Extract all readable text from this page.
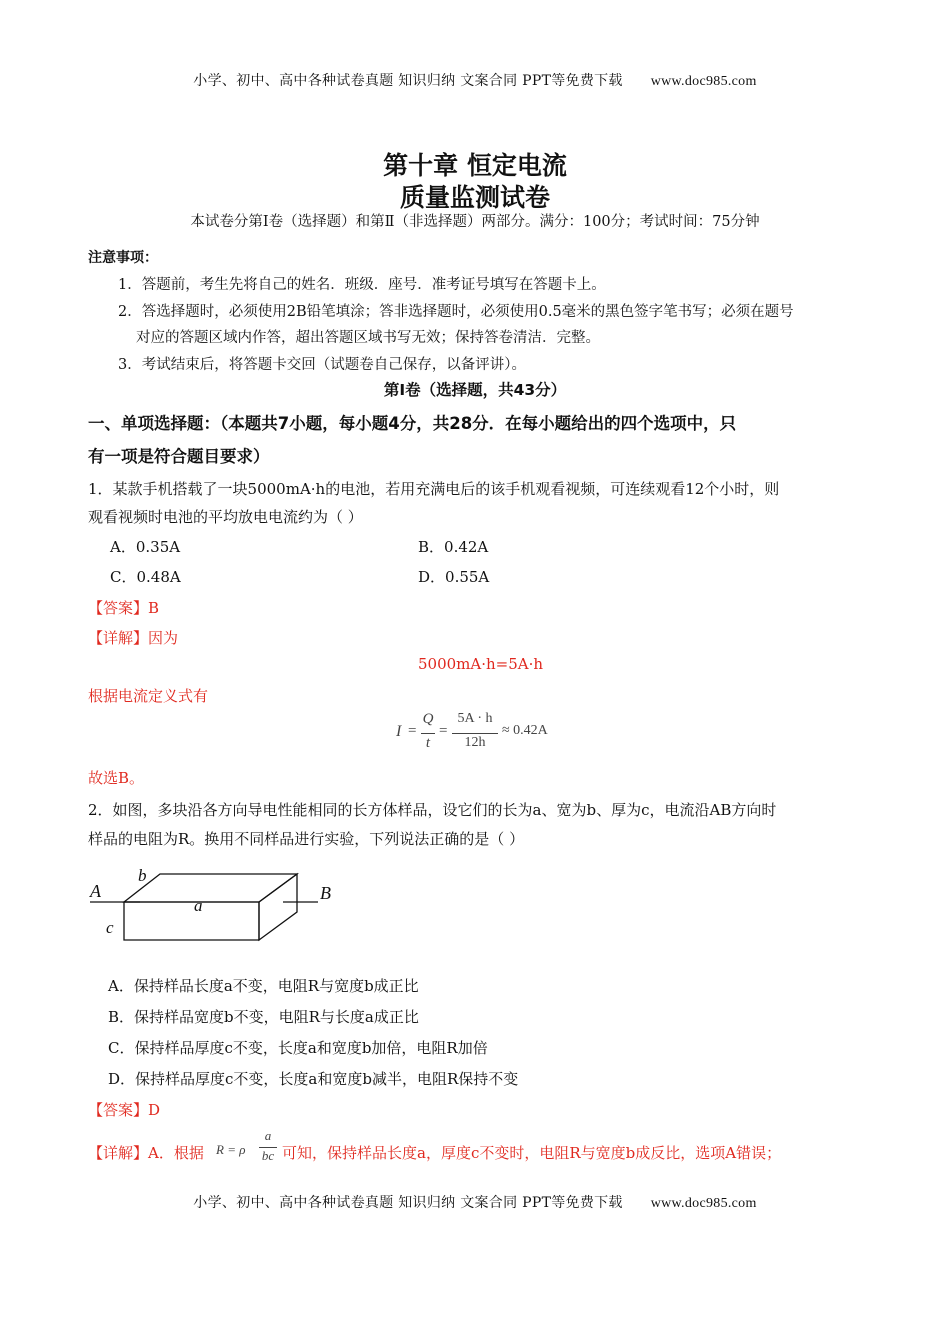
小学、初中、高中各种试卷真题 知识归纳 文案合同 PPT等免费下载 www.doc985.com
第十章 恒定电流
质量监测试卷
本试卷分第Ⅰ卷（选择题）和第Ⅱ（非选择题）两部分。满分：100分；考试时间：75分钟
注意事项：
1．答题前，考生先将自己的姓名．班级．座号．准考证号填写在答题卡上。
2．答选择题时，必须使用2B铅笔填涂；答非选择题时，必须使用0.5毫米的黑色签字笔书写；必须在题号
对应的答题区域内作答，超出答题区域书写无效；保持答卷清洁．完整。
3．考试结束后，将答题卡交回（试题卷自己保存，以备评讲）。
第Ⅰ卷（选择题，共43分）
一、单项选择题：（本题共7小题，每小题4分，共28分．在每小题给出的四个选项中，只
有一项是符合题目要求）
1．某款手机搭载了一块5000mA·h的电池，若用充满电后的该手机观看视频，可连续观看12个小时，则
观看视频时电池的平均放电电流约为（ ）
A．0.35A	B．0.42A
C．0.48A	D．0.55A
【答案】B
【详解】因为
5000mA·h=5A·h
根据电流定义式有
I =
Q
t
=
5A · h
12h
≈ 0.42A
故选B。
2．如图，多块沿各方向导电性能相同的长方体样品，设它们的长为a、宽为b、厚为c，电流沿AB方向时
样品的电阻为R。换用不同样品进行实验，下列说法正确的是（ ）
A	B
a
b
c
A．保持样品长度a不变，电阻R与宽度b成正比
B．保持样品宽度b不变，电阻R与长度a成正比
C．保持样品厚度c不变，长度a和宽度b加倍，电阻R加倍
D．保持样品厚度c不变，长度a和宽度b减半，电阻R保持不变
【答案】D
【详解】A．根据 R = ρ
a
bc 可知，保持样品长度a，厚度c不变时，电阻R与宽度b成反比，选项A错误；
小学、初中、高中各种试卷真题 知识归纳 文案合同 PPT等免费下载 www.doc985.com
